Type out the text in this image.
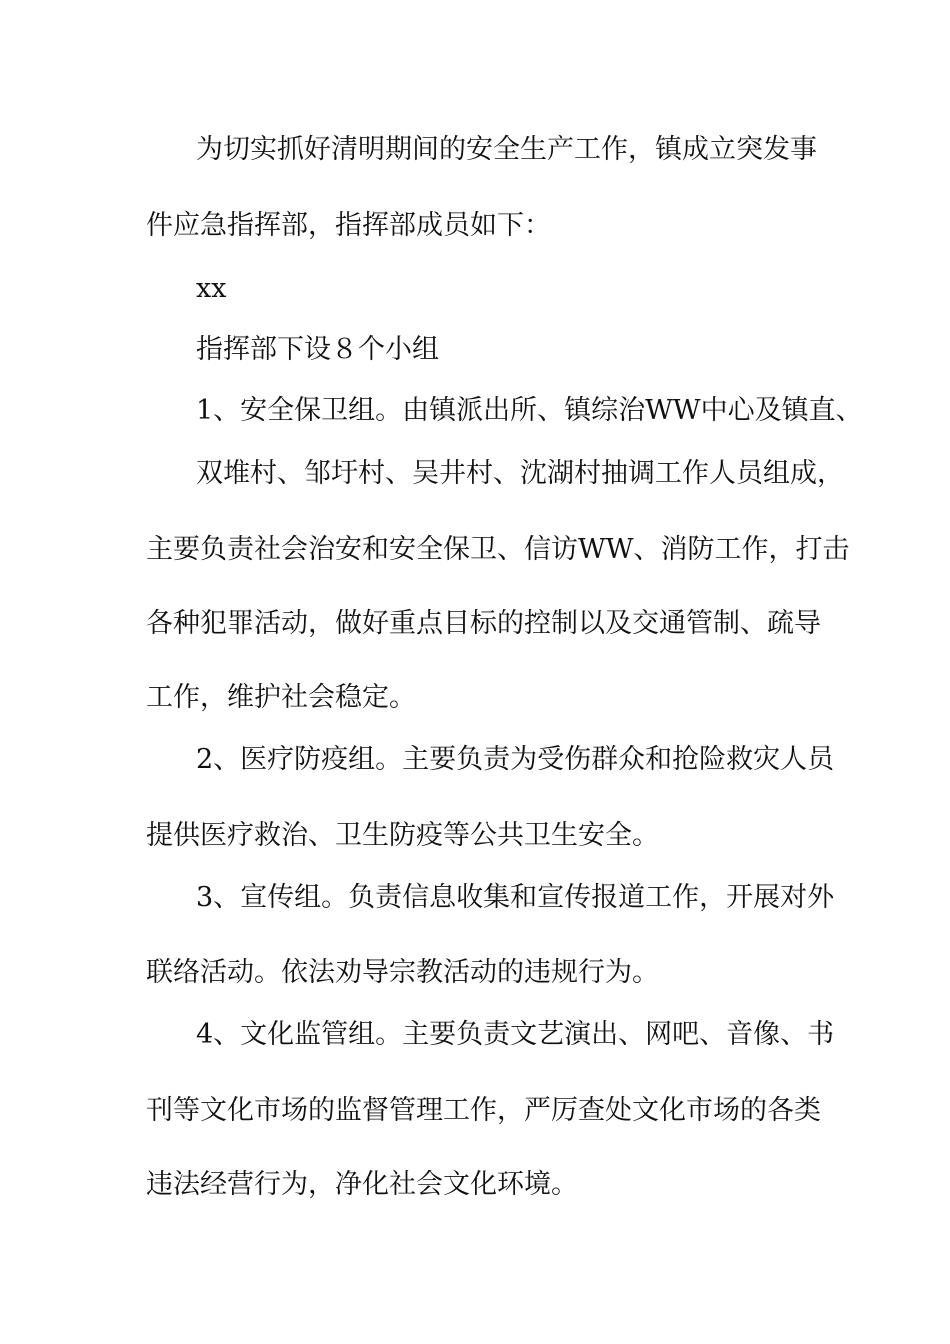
为切实抓好清明期间的安全生产工作，镇成立突发事

件应急指挥部，指挥部成员如下：

xx

指挥部下设８个小组

1、安全保卫组。由镇派出所、镇综治WW中心及镇直、

双堆村、邹圩村、吴井村、沈湖村抽调工作人员组成，

主要负责社会治安和安全保卫、信访WW、消防工作，打击

各种犯罪活动，做好重点目标的控制以及交通管制、疏导

工作，维护社会稳定。

2、医疗防疫组。主要负责为受伤群众和抢险救灾人员

提供医疗救治、卫生防疫等公共卫生安全。

3、宣传组。负责信息收集和宣传报道工作，开展对外

联络活动。依法劝导宗教活动的违规行为。

4、文化监管组。主要负责文艺演出、网吧、音像、书

刊等文化市场的监督管理工作，严厉查处文化市场的各类

违法经营行为，净化社会文化环境。
